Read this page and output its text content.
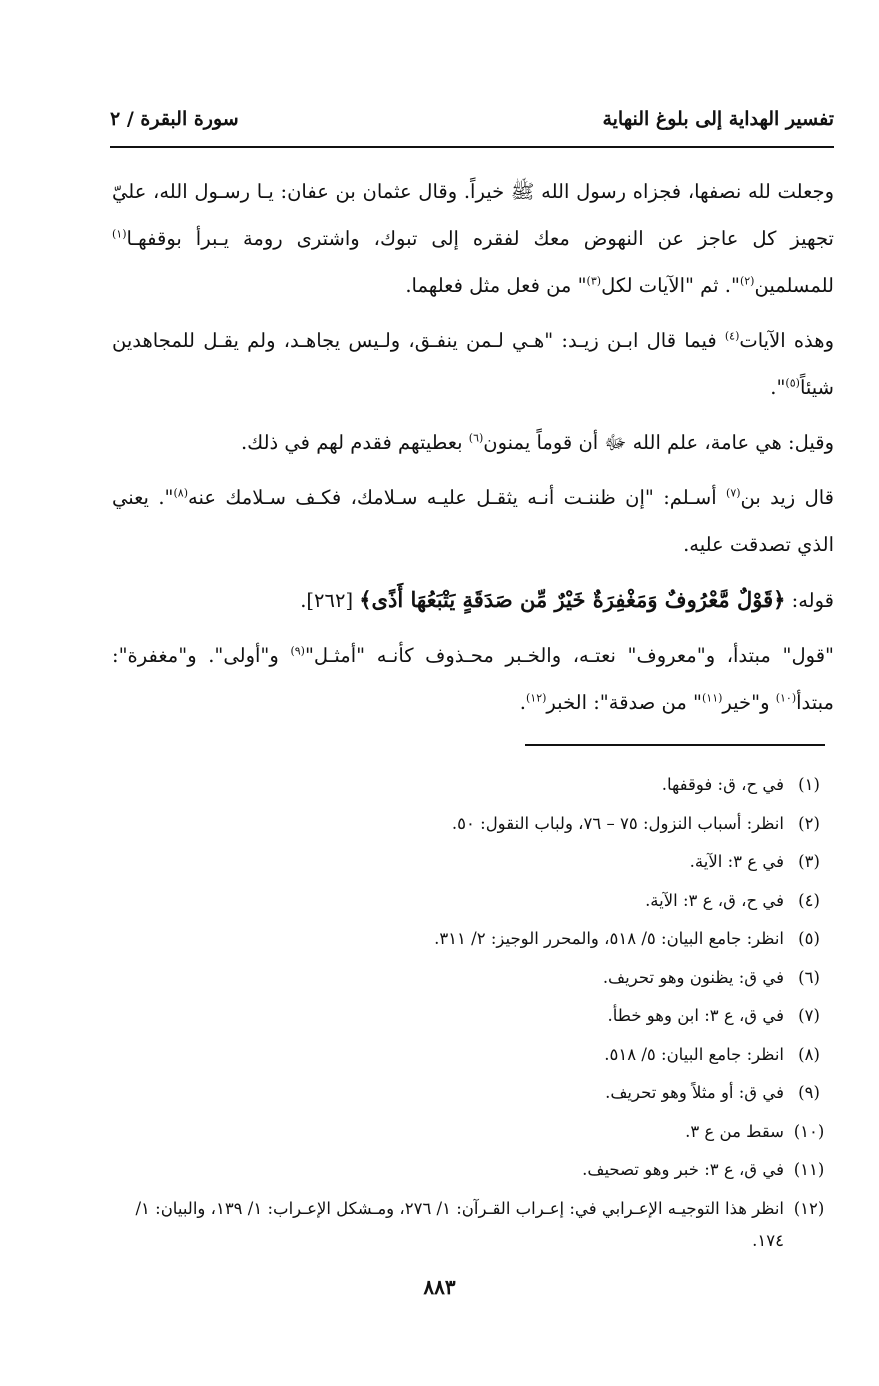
تفسير الهداية إلى بلوغ النهاية
سورة البقرة / ٢

وجعلت لله نصفها، فجزاه رسول الله ﷺ خيراً. وقال عثمان بن عفان: يـا رسـول الله، عليّ تجهيز كل عاجز عن النهوض معك لفقره إلى تبوك، واشترى رومة يـبرأ بوقفهـا$^{(١)}$ للمسلمين$^{(٢)}$". ثم "الآيات لكل$^{(٣)}$" من فعل مثل فعلهما.

وهذه الآيات$^{(٤)}$ فيما قال ابـن زيـد: "هـي لـمن ينفـق، ولـيس يجاهـد، ولم يقـل للمجاهدين شيئاً$^{(٥)}$".

وقيل: هي عامة، علم الله ﷻ أن قوماً يمنون$^{(٦)}$ بعطيتهم فقدم لهم في ذلك.

قال زيد بن$^{(٧)}$ أسـلم: "إن ظننـت أنـه يثقـل عليـه سـلامك، فكـف سـلامك عنه$^{(٨)}$". يعني الذي تصدقت عليه.

قوله: ﴿قَوْلٌ مَّعْرُوفٌ وَمَغْفِرَةٌ خَيْرٌ مِّن صَدَقَةٍ يَتْبَعُهَا أَذًى﴾ [٢٦٢].

"قول" مبتدأ، و"معروف" نعتـه، والخـبر محـذوف كأنـه "أمثـل"$^{(٩)}$ و"أولى". و"مغفرة": مبتدأ$^{(١٠)}$ و"خير$^{(١١)}$" من صدقة": الخبر$^{(١٢)}$.

(١)
في ح، ق: فوقفها.
(٢)
انظر: أسباب النزول: ٧٥ – ٧٦، ولباب النقول: ٥٠.
(٣)
في ع ٣: الآية.
(٤)
في ح، ق، ع ٣: الآية.
(٥)
انظر: جامع البيان: ٥/ ٥١٨، والمحرر الوجيز: ٢/ ٣١١.
(٦)
في ق: يظنون وهو تحريف.
(٧)
في ق، ع ٣: ابن وهو خطأ.
(٨)
انظر: جامع البيان: ٥/ ٥١٨.
(٩)
في ق: أو مثلاً وهو تحريف.
(١٠)
سقط من ع ٣.
(١١)
في ق، ع ٣: خبر وهو تصحيف.
(١٢)
انظر هذا التوجيـه الإعـرابي في: إعـراب القـرآن: ١/ ٢٧٦، ومـشكل الإعـراب: ١/ ١٣٩، والبيان: ١/ ١٧٤.
٨٨٣
